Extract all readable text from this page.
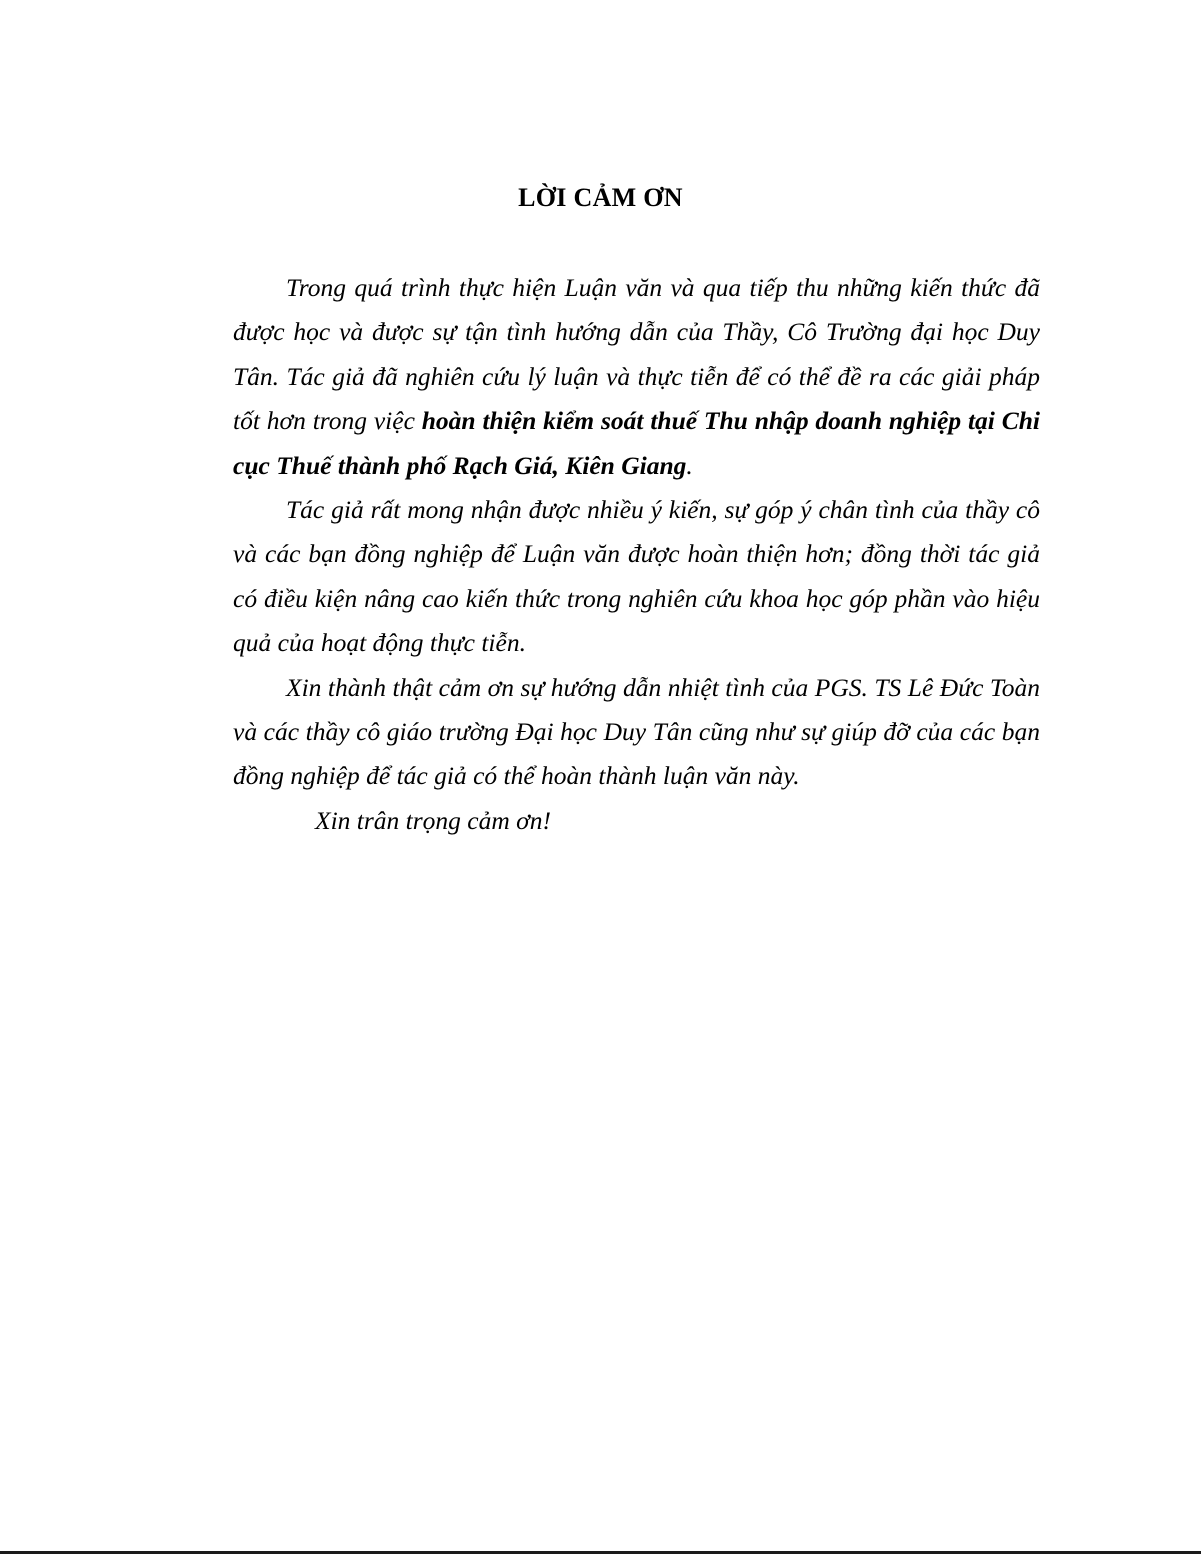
LỜI CẢM ƠN

Trong quá trình thực hiện Luận văn và qua tiếp thu những kiến thức đã được học và được sự tận tình hướng dẫn của Thầy, Cô Trường đại học Duy Tân. Tác giả đã nghiên cứu lý luận và thực tiễn để có thể đề ra các giải pháp tốt hơn trong việc hoàn thiện kiểm soát thuế Thu nhập doanh nghiệp tại Chi cục Thuế thành phố Rạch Giá, Kiên Giang.

Tác giả rất mong nhận được nhiều ý kiến, sự góp ý chân tình của thầy cô và các bạn đồng nghiệp để Luận văn được hoàn thiện hơn; đồng thời tác giả có điều kiện nâng cao kiến thức trong nghiên cứu khoa học góp phần vào hiệu quả của hoạt động thực tiễn.

Xin thành thật cảm ơn sự hướng dẫn nhiệt tình của PGS. TS Lê Đức Toàn và các thầy cô giáo trường Đại học Duy Tân cũng như sự giúp đỡ của các bạn đồng nghiệp để tác giả có thể hoàn thành luận văn này.

Xin trân trọng cảm ơn!
